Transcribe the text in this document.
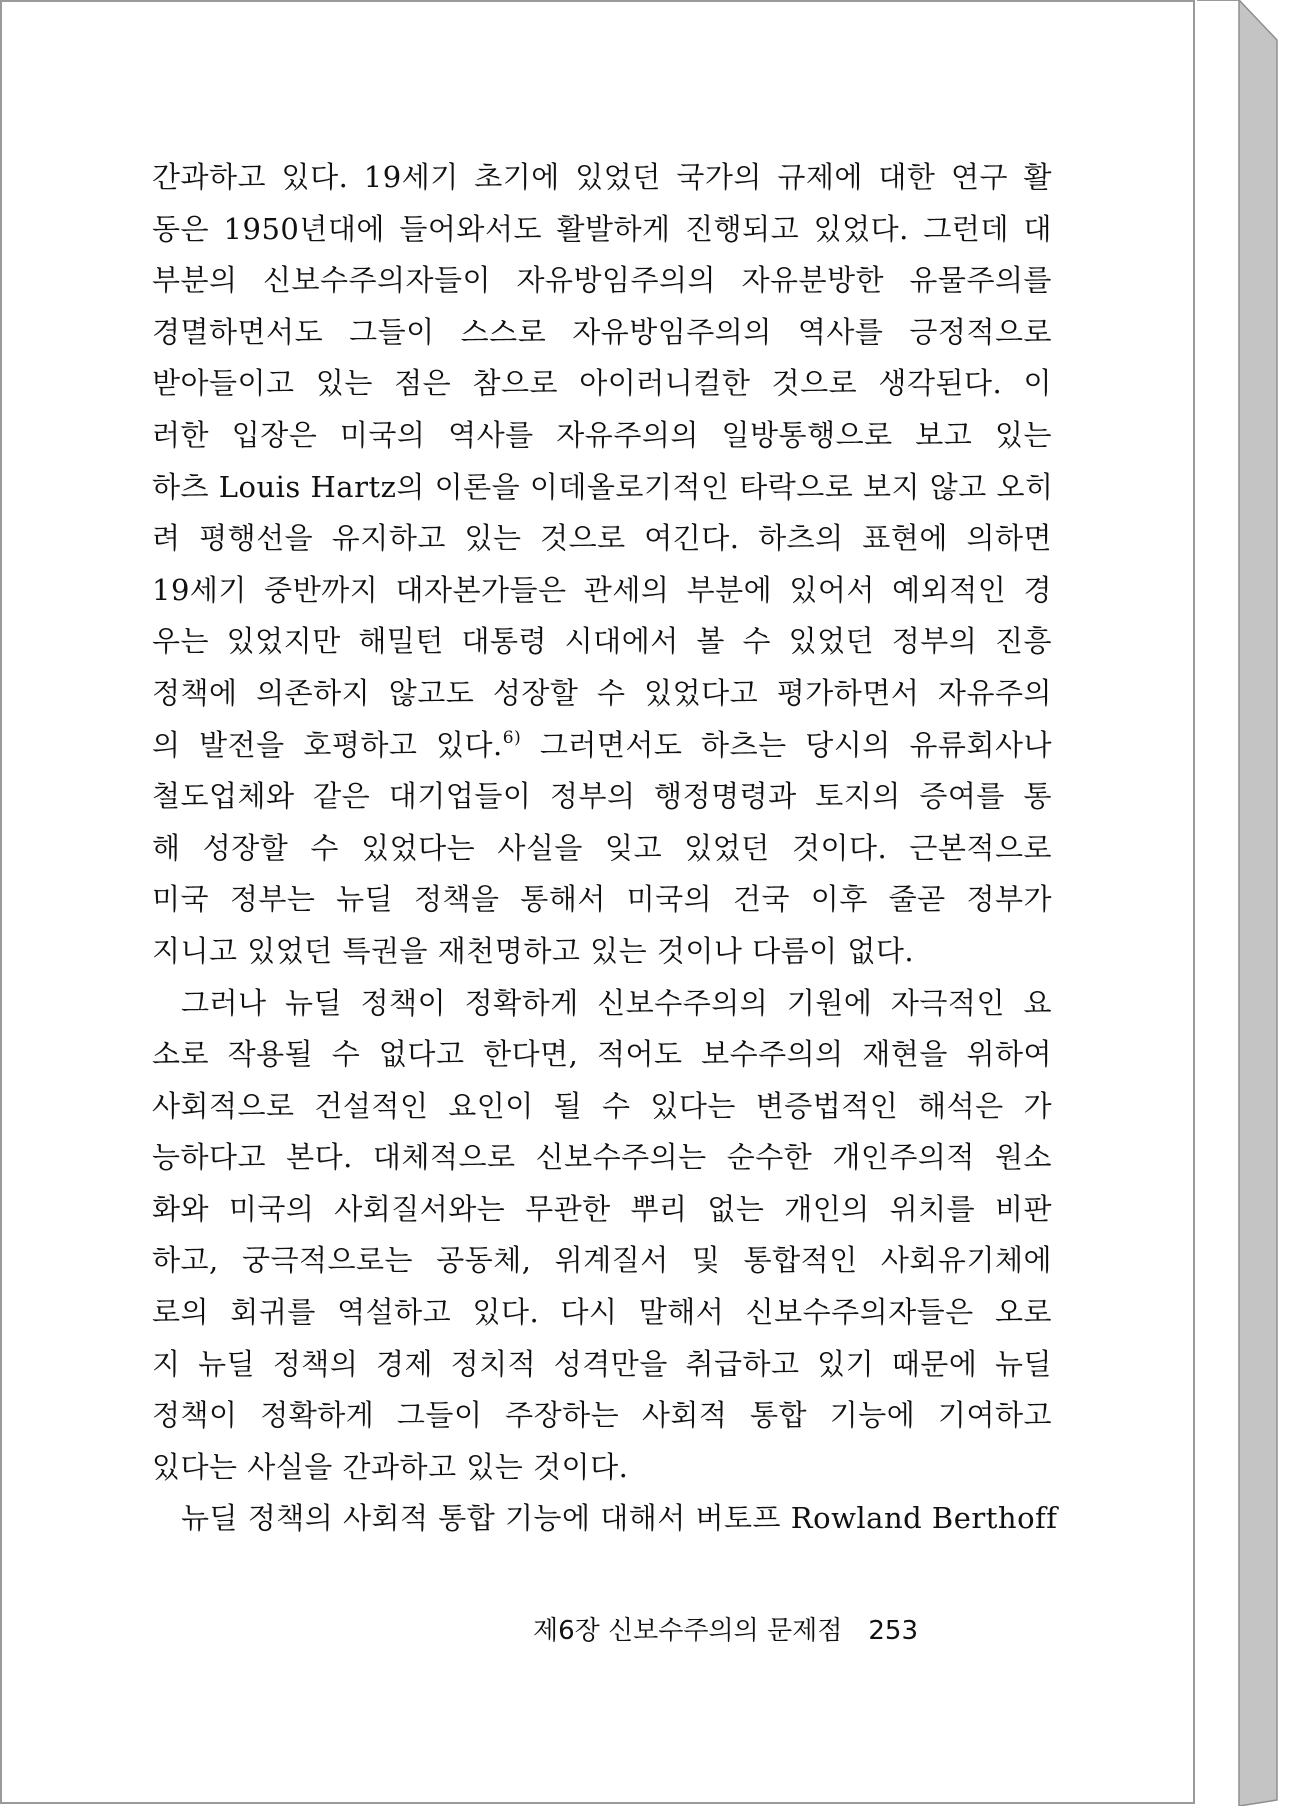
간과하고 있다. 19세기 초기에 있었던 국가의 규제에 대한 연구 활
동은 1950년대에 들어와서도 활발하게 진행되고 있었다. 그런데 대
부분의 신보수주의자들이 자유방임주의의 자유분방한 유물주의를
경멸하면서도 그들이 스스로 자유방임주의의 역사를 긍정적으로
받아들이고 있는 점은 참으로 아이러니컬한 것으로 생각된다. 이
러한 입장은 미국의 역사를 자유주의의 일방통행으로 보고 있는
하츠 Louis Hartz의 이론을 이데올로기적인 타락으로 보지 않고 오히
려 평행선을 유지하고 있는 것으로 여긴다. 하츠의 표현에 의하면
19세기 중반까지 대자본가들은 관세의 부분에 있어서 예외적인 경
우는 있었지만 해밀턴 대통령 시대에서 볼 수 있었던 정부의 진흥
정책에 의존하지 않고도 성장할 수 있었다고 평가하면서 자유주의
의 발전을 호평하고 있다.$^{6)}$ 그러면서도 하츠는 당시의 유류회사나
철도업체와 같은 대기업들이 정부의 행정명령과 토지의 증여를 통
해 성장할 수 있었다는 사실을 잊고 있었던 것이다. 근본적으로
미국 정부는 뉴딜 정책을 통해서 미국의 건국 이후 줄곧 정부가
지니고 있었던 특권을 재천명하고 있는 것이나 다름이 없다.
그러나 뉴딜 정책이 정확하게 신보수주의의 기원에 자극적인 요
소로 작용될 수 없다고 한다면, 적어도 보수주의의 재현을 위하여
사회적으로 건설적인 요인이 될 수 있다는 변증법적인 해석은 가
능하다고 본다. 대체적으로 신보수주의는 순수한 개인주의적 원소
화와 미국의 사회질서와는 무관한 뿌리 없는 개인의 위치를 비판
하고, 궁극적으로는 공동체, 위계질서 및 통합적인 사회유기체에
로의 회귀를 역설하고 있다. 다시 말해서 신보수주의자들은 오로
지 뉴딜 정책의 경제 정치적 성격만을 취급하고 있기 때문에 뉴딜
정책이 정확하게 그들이 주장하는 사회적 통합 기능에 기여하고
있다는 사실을 간과하고 있는 것이다.
뉴딜 정책의 사회적 통합 기능에 대해서 버토프 Rowland Berthoff
제6장 신보수주의의 문제점 253
